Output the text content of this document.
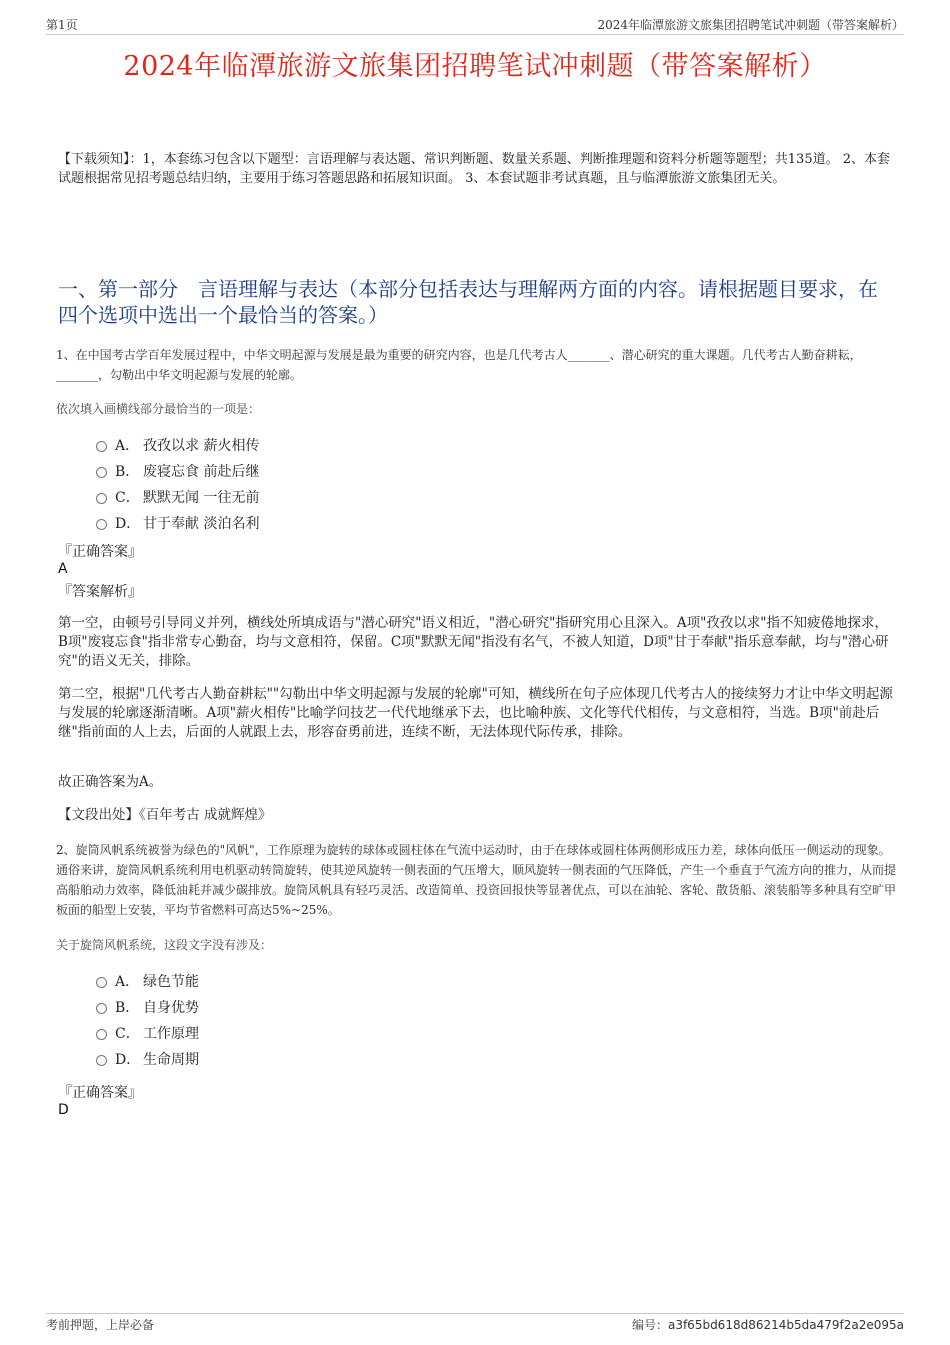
第1页	2024年临潭旅游文旅集团招聘笔试冲刺题（带答案解析）
2024年临潭旅游文旅集团招聘笔试冲刺题（带答案解析）
【下载须知】：1，本套练习包含以下题型：言语理解与表达题、常识判断题、数量关系题、判断推理题和资料分析题等题型；共135道。 2、本套试题根据常见招考题总结归纳，主要用于练习答题思路和拓展知识面。 3、本套试题非考试真题，且与临潭旅游文旅集团无关。
一、第一部分　言语理解与表达（本部分包括表达与理解两方面的内容。请根据题目要求，在四个选项中选出一个最恰当的答案。）
1、在中国考古学百年发展过程中，中华文明起源与发展是最为重要的研究内容，也是几代考古人_______、潜心研究的重大课题。几代考古人勤奋耕耘，_______，勾勒出中华文明起源与发展的轮廓。
依次填入画横线部分最恰当的一项是：
A． 孜孜以求 薪火相传
B． 废寝忘食 前赴后继
C． 默默无闻 一往无前
D． 甘于奉献 淡泊名利
『正确答案』
A
『答案解析』
第一空，由顿号引导同义并列，横线处所填成语与"潜心研究"语义相近，"潜心研究"指研究用心且深入。A项"孜孜以求"指不知疲倦地探求，B项"废寝忘食"指非常专心勤奋，均与文意相符，保留。C项"默默无闻"指没有名气，不被人知道，D项"甘于奉献"指乐意奉献，均与"潜心研究"的语义无关，排除。
第二空，根据"几代考古人勤奋耕耘""勾勒出中华文明起源与发展的轮廓"可知，横线所在句子应体现几代考古人的接续努力才让中华文明起源与发展的轮廓逐渐清晰。A项"薪火相传"比喻学问技艺一代代地继承下去，也比喻种族、文化等代代相传，与文意相符，当选。B项"前赴后继"指前面的人上去，后面的人就跟上去，形容奋勇前进，连续不断，无法体现代际传承，排除。
故正确答案为A。
【文段出处】《百年考古 成就辉煌》
2、旋筒风帆系统被誉为绿色的"风帆"，工作原理为旋转的球体或圆柱体在气流中运动时，由于在球体或圆柱体两侧形成压力差，球体向低压一侧运动的现象。通俗来讲，旋筒风帆系统利用电机驱动转筒旋转，使其逆风旋转一侧表面的气压增大，顺风旋转一侧表面的气压降低，产生一个垂直于气流方向的推力，从而提高船舶动力效率，降低油耗并减少碳排放。旋筒风帆具有轻巧灵活、改造简单、投资回报快等显著优点，可以在油轮、客轮、散货船、滚装船等多种具有空旷甲板面的船型上安装，平均节省燃料可高达5%~25%。
关于旋筒风帆系统，这段文字没有涉及：
A． 绿色节能
B． 自身优势
C． 工作原理
D． 生命周期
『正确答案』
D
考前押题，上岸必备	编号：a3f65bd618d86214b5da479f2a2e095a
